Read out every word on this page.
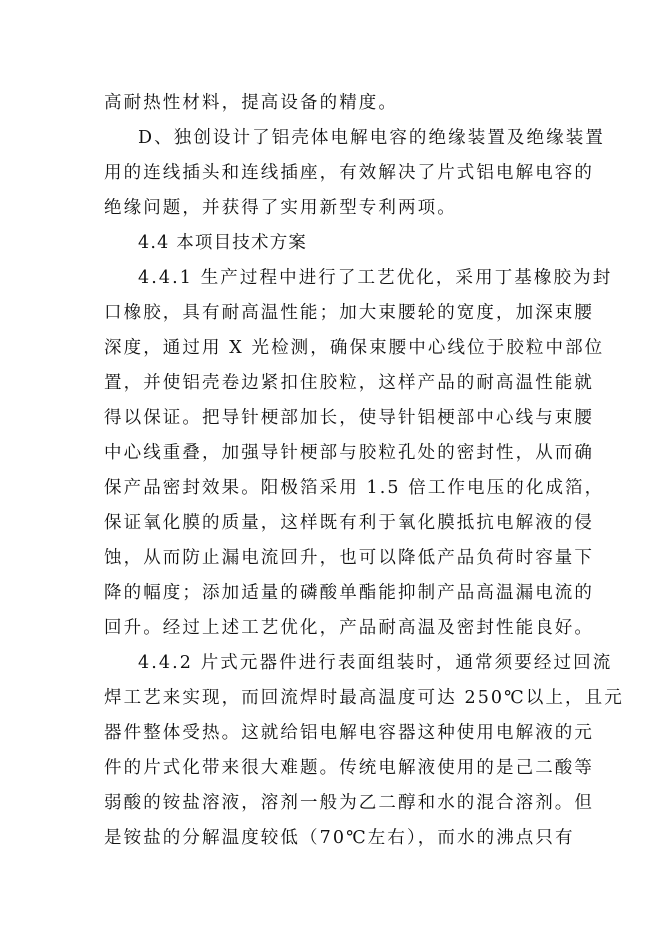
高耐热性材料，提高设备的精度。
D、独创设计了铝壳体电解电容的绝缘装置及绝缘装置
用的连线插头和连线插座，有效解决了片式铝电解电容的
绝缘问题，并获得了实用新型专利两项。
4.4 本项目技术方案
4.4.1 生产过程中进行了工艺优化，采用丁基橡胶为封
口橡胶，具有耐高温性能；加大束腰轮的宽度，加深束腰
深度，通过用 X 光检测，确保束腰中心线位于胶粒中部位
置，并使铝壳卷边紧扣住胶粒，这样产品的耐高温性能就
得以保证。把导针梗部加长，使导针铝梗部中心线与束腰
中心线重叠，加强导针梗部与胶粒孔处的密封性，从而确
保产品密封效果。阳极箔采用 1.5 倍工作电压的化成箔，
保证氧化膜的质量，这样既有利于氧化膜抵抗电解液的侵
蚀，从而防止漏电流回升，也可以降低产品负荷时容量下
降的幅度；添加适量的磷酸单酯能抑制产品高温漏电流的
回升。经过上述工艺优化，产品耐高温及密封性能良好。
4.4.2 片式元器件进行表面组装时，通常须要经过回流
焊工艺来实现，而回流焊时最高温度可达 250℃以上，且元
器件整体受热。这就给铝电解电容器这种使用电解液的元
件的片式化带来很大难题。传统电解液使用的是己二酸等
弱酸的铵盐溶液，溶剂一般为乙二醇和水的混合溶剂。但
是铵盐的分解温度较低（70℃左右），而水的沸点只有
